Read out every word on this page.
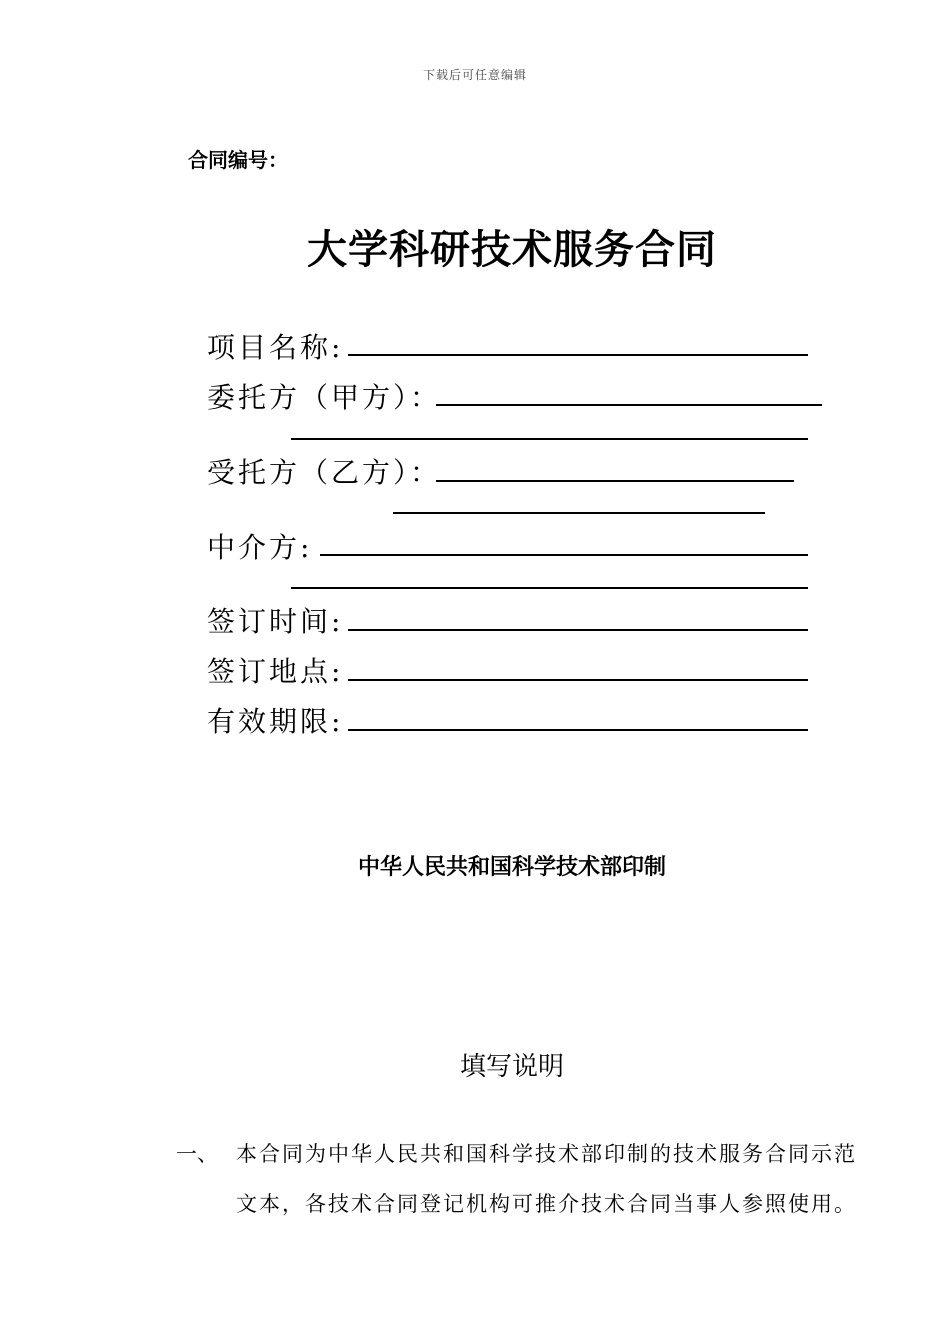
下载后可任意编辑
合同编号：
大学科研技术服务合同
项目名称:
委托方（甲方）：
受托方（乙方）：
中介方:
签订时间:
签订地点:
有效期限:
中华人民共和国科学技术部印制
填写说明
一、 本合同为中华人民共和国科学技术部印制的技术服务合同示范
文本，各技术合同登记机构可推介技术合同当事人参照使用。
